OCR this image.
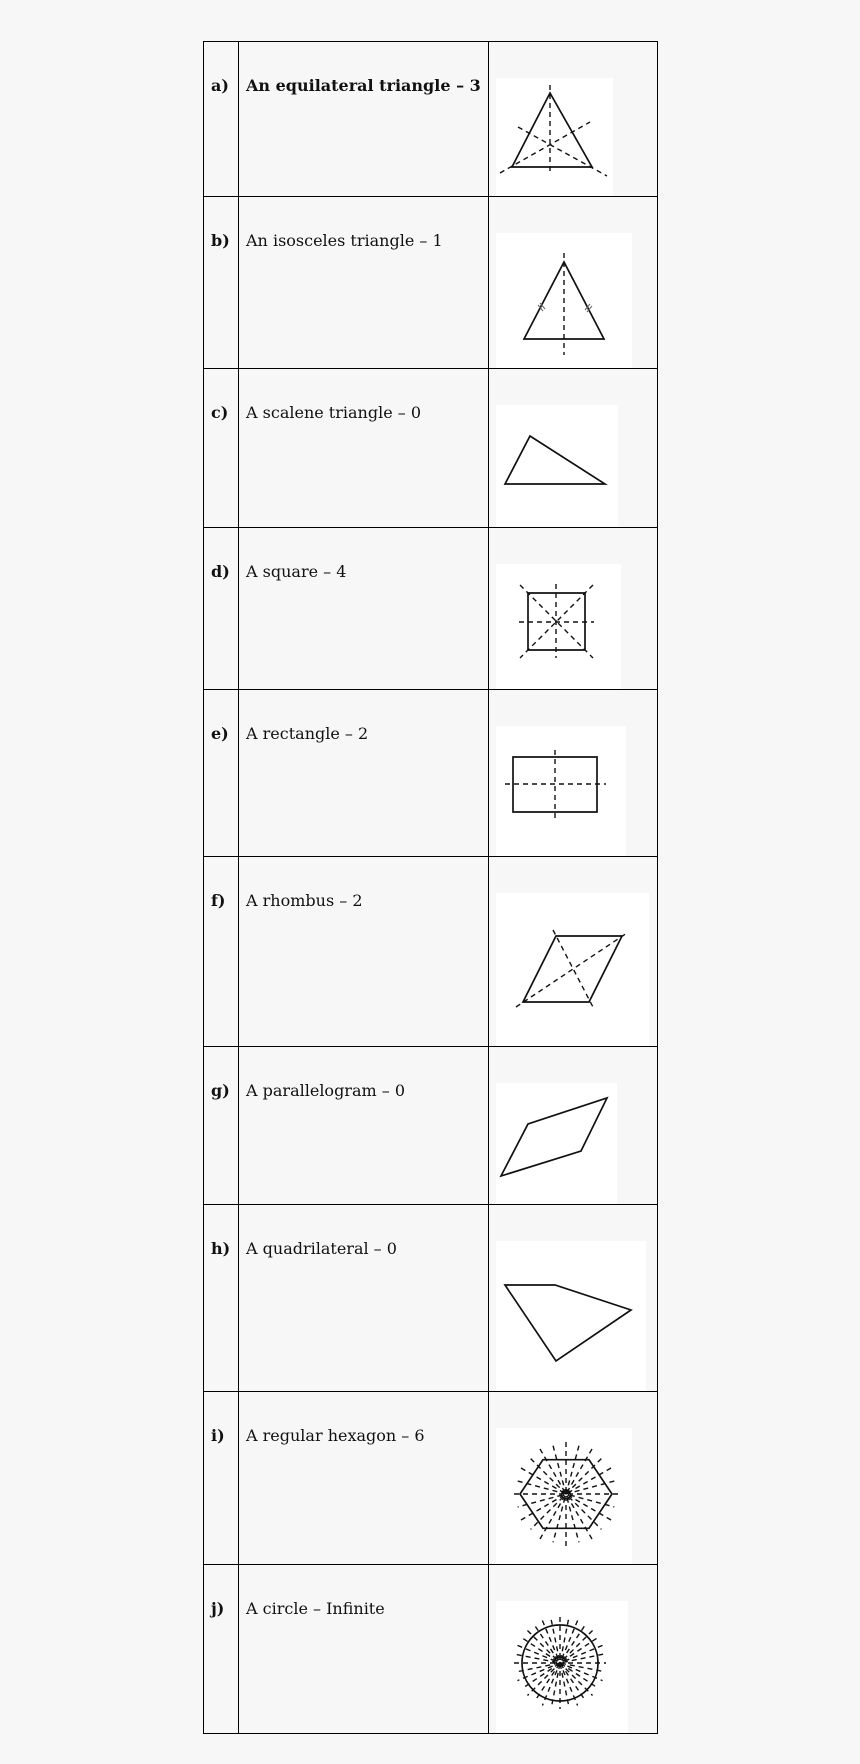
a)	An equilateral triangle – 3

b)	An isosceles triangle – 1

c)	A scalene triangle – 0

d)	A square – 4

e)	A rectangle – 2

f)	A rhombus – 2

g)	A parallelogram – 0

h)	A quadrilateral – 0

i)	A regular hexagon – 6

j)	A circle – Infinite
